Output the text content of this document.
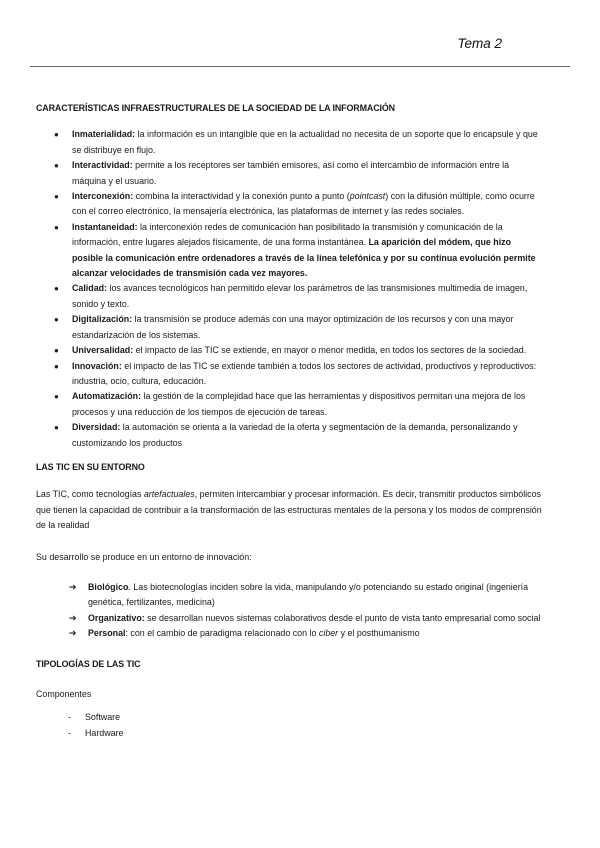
Tema 2
CARACTERÍSTICAS INFRAESTRUCTURALES DE LA SOCIEDAD DE LA INFORMACIÓN
● Inmaterialidad: la información es un intangible que en la actualidad no necesita de un soporte que lo encapsule y que se distribuye en flujo.
● Interactividad: permite a los receptores ser también emisores, así como el intercambio de información entre la máquina y el usuario.
● Interconexión: combina la interactividad y la conexión punto a punto (pointcast) con la difusión múltiple, como ocurre con el correo electrónico, la mensajería electrónica, las plataformas de internet y las redes sociales.
● Instantaneidad: la interconexión redes de comunicación han posibilitado la transmisión y comunicación de la información, entre lugares alejados físicamente, de una forma instantánea. La aparición del módem, que hizo posible la comunicación entre ordenadores a través de la línea telefónica y por su continua evolución permite alcanzar velocidades de transmisión cada vez mayores.
● Calidad: los avances tecnológicos han permitido elevar los parámetros de las transmisiones multimedia de imagen, sonido y texto.
● Digitalización: la transmisión se produce además con una mayor optimización de los recursos y con una mayor estandarización de los sistemas.
● Universalidad: el impacto de las TIC se extiende, en mayor o menor medida, en todos los sectores de la sociedad.
● Innovación: el impacto de las TIC se extiende también a todos los sectores de actividad, productivos y reproductivos: industria, ocio, cultura, educación.
● Automatización: la gestión de la complejidad hace que las herramientas y dispositivos permitan una mejora de los procesos y una reducción de los tiempos de ejecución de tareas.
● Diversidad: la automación se orienta a la variedad de la oferta y segmentación de la demanda, personalizando y customizando los productos
LAS TIC EN SU ENTORNO

Las TIC, como tecnologías artefactuales, permiten intercambiar y procesar información. Es decir, transmitir productos simbólicos que tienen la capacidad de contribuir a la transformación de las estructuras mentales de la persona y los modos de comprensión de la realidad

Su desarrollo se produce en un entorno de innovación:

➔ Biológico. Las biotecnologías inciden sobre la vida, manipulando y/o potenciando su estado original (ingeniería genética, fertilizantes, medicina)
➔ Organizativo: se desarrollan nuevos sistemas colaborativos desde el punto de vista tanto empresarial como social
➔ Personal: con el cambio de paradigma relacionado con lo ciber y el posthumanismo
TIPOLOGÍAS DE LAS TIC

Componentes

- Software
- Hardware
